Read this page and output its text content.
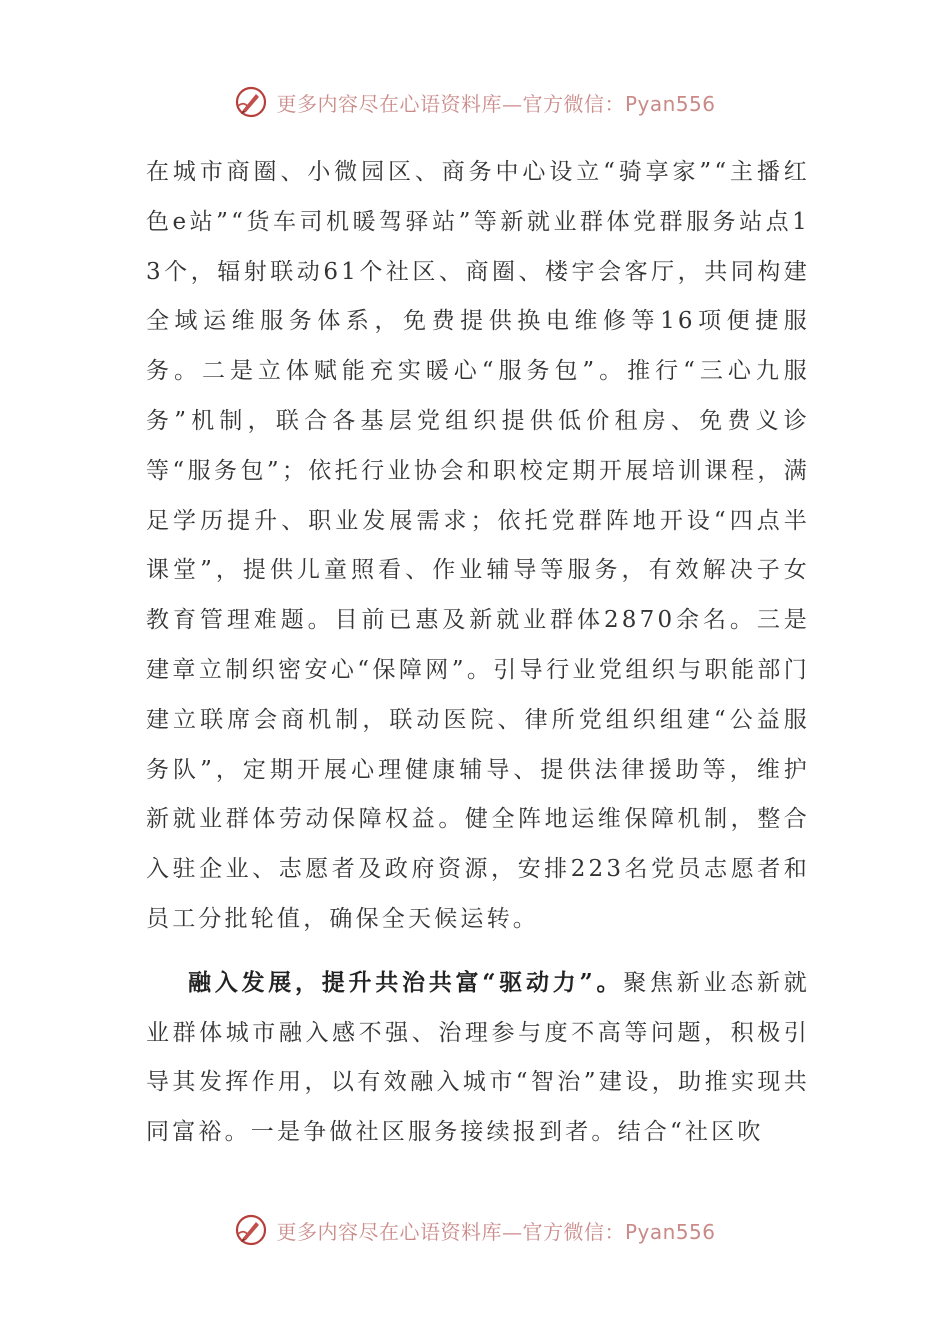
更多内容尽在心语资料库—官方微信：Pyan556

在城市商圈、小微园区、商务中心设立“骑享家”“主播红色e站”“货车司机暖驾驿站”等新就业群体党群服务站点13个，辐射联动61个社区、商圈、楼宇会客厅，共同构建全域运维服务体系，免费提供换电维修等16项便捷服务。二是立体赋能充实暖心“服务包”。推行“三心九服务”机制，联合各基层党组织提供低价租房、免费义诊等“服务包”；依托行业协会和职校定期开展培训课程，满足学历提升、职业发展需求；依托党群阵地开设“四点半课堂”，提供儿童照看、作业辅导等服务，有效解决子女教育管理难题。目前已惠及新就业群体2870余名。三是建章立制织密安心“保障网”。引导行业党组织与职能部门建立联席会商机制，联动医院、律所党组织组建“公益服务队”，定期开展心理健康辅导、提供法律援助等，维护新就业群体劳动保障权益。健全阵地运维保障机制，整合入驻企业、志愿者及政府资源，安排223名党员志愿者和员工分批轮值，确保全天候运转。

融入发展，提升共治共富“驱动力”。聚焦新业态新就业群体城市融入感不强、治理参与度不高等问题，积极引导其发挥作用，以有效融入城市“智治”建设，助推实现共同富裕。一是争做社区服务接续报到者。结合“社区吹

更多内容尽在心语资料库—官方微信：Pyan556
